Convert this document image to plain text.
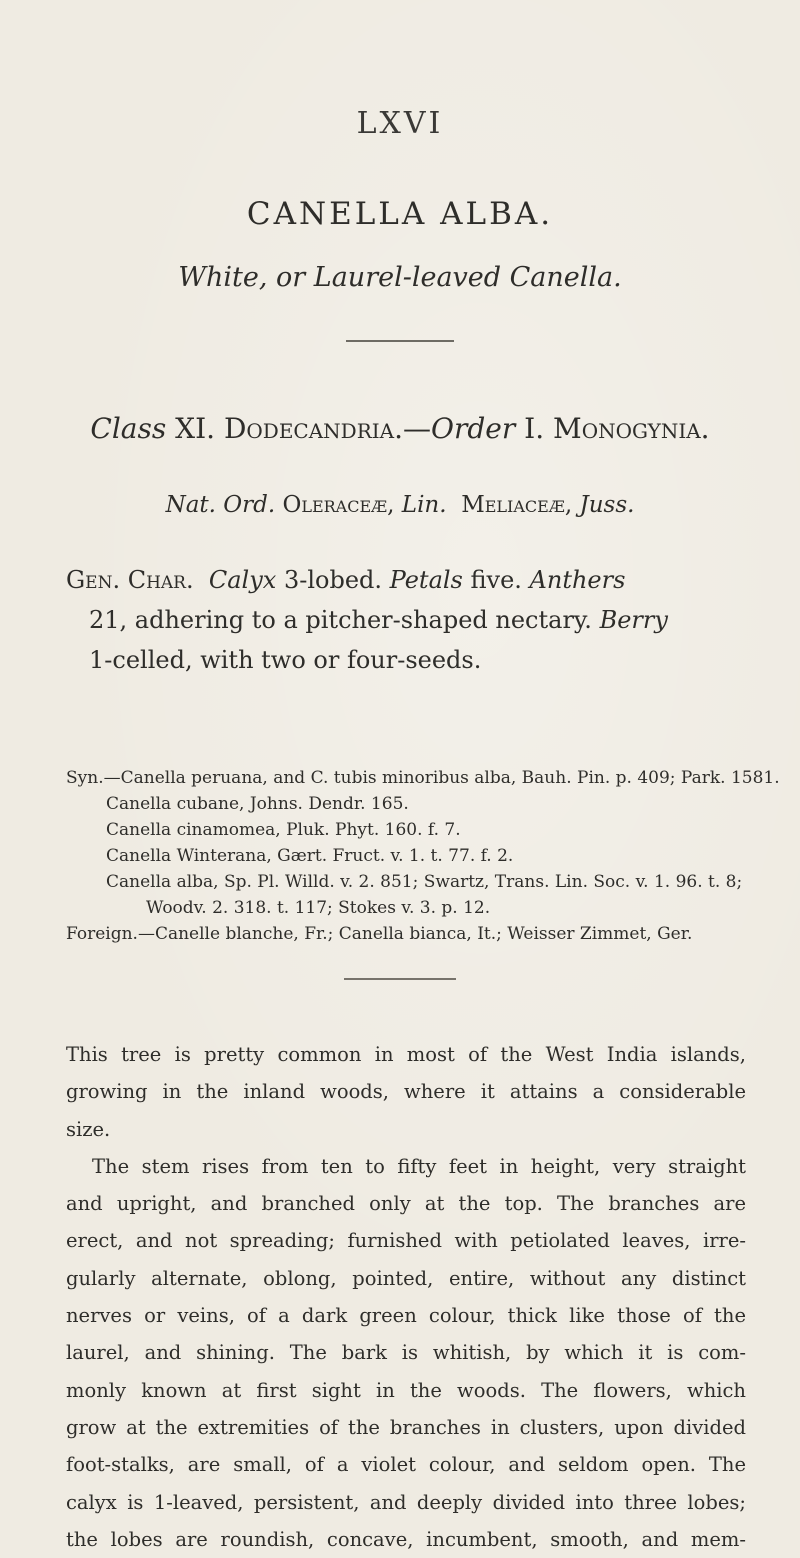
LXVI
CANELLA ALBA.
White, or Laurel-leaved Canella.
Class XI. Dodecandria.—Order I. Monogynia.
Nat. Ord. Oleraceæ, Lin. Meliaceæ, Juss.
Gen. Char. Calyx 3-lobed. Petals five. Anthers
21, adhering to a pitcher-shaped nectary. Berry
1-celled, with two or four-seeds.
Syn.—Canella peruana, and C. tubis minoribus alba, Bauh. Pin. p. 409; Park. 1581.
Canella cubane, Johns. Dendr. 165.
Canella cinamomea, Pluk. Phyt. 160. f. 7.
Canella Winterana, Gært. Fruct. v. 1. t. 77. f. 2.
Canella alba, Sp. Pl. Willd. v. 2. 851; Swartz, Trans. Lin. Soc. v. 1. 96. t. 8;
Woodv. 2. 318. t. 117; Stokes v. 3. p. 12.
Foreign.—Canelle blanche, Fr.; Canella bianca, It.; Weisser Zimmet, Ger.
This tree is pretty common in most of the West India islands,
growing in the inland woods, where it attains a considerable
size.
The stem rises from ten to fifty feet in height, very straight
and upright, and branched only at the top. The branches are
erect, and not spreading; furnished with petiolated leaves, irre-
gularly alternate, oblong, pointed, entire, without any distinct
nerves or veins, of a dark green colour, thick like those of the
laurel, and shining. The bark is whitish, by which it is com-
monly known at first sight in the woods. The flowers, which
grow at the extremities of the branches in clusters, upon divided
foot-stalks, are small, of a violet colour, and seldom open. The
calyx is 1-leaved, persistent, and deeply divided into three lobes;
the lobes are roundish, concave, incumbent, smooth, and mem-
